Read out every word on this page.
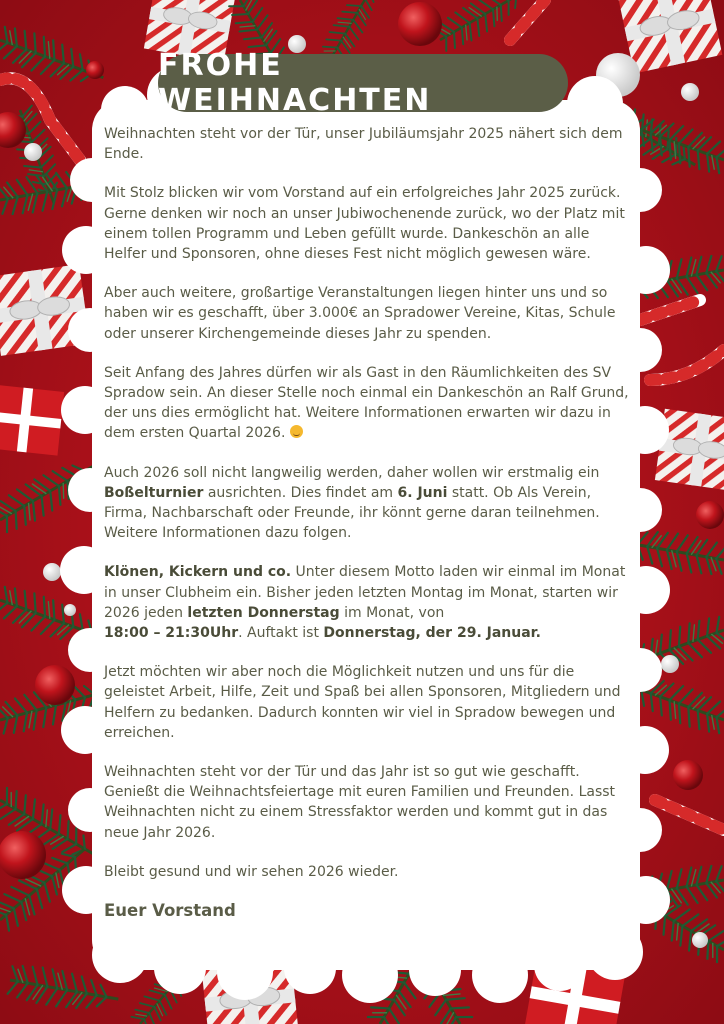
FROHE WEIHNACHTEN

Weihnachten steht vor der Tür, unser Jubiläumsjahr 2025 nähert sich dem Ende.

Mit Stolz blicken wir vom Vorstand auf ein erfolgreiches Jahr 2025 zurück. Gerne denken wir noch an unser Jubiwochenende zurück, wo der Platz mit einem tollen Programm und Leben gefüllt wurde. Dankeschön an alle Helfer und Sponsoren, ohne dieses Fest nicht möglich gewesen wäre.

Aber auch weitere, großartige Veranstaltungen liegen hinter uns und so haben wir es geschafft, über 3.000€ an Spradower Vereine, Kitas, Schule oder unserer Kirchengemeinde dieses Jahr zu spenden.

Seit Anfang des Jahres dürfen wir als Gast in den Räumlichkeiten des SV Spradow sein. An dieser Stelle noch einmal ein Dankeschön an Ralf Grund, der uns dies ermöglicht hat. Weitere Informationen erwarten wir dazu in dem ersten Quartal 2026.

Auch 2026 soll nicht langweilig werden, daher wollen wir erstmalig ein Boßelturnier ausrichten. Dies findet am 6. Juni statt. Ob Als Verein, Firma, Nachbarschaft oder Freunde, ihr könnt gerne daran teilnehmen. Weitere Informationen dazu folgen.

Klönen, Kickern und co. Unter diesem Motto laden wir einmal im Monat in unser Clubheim ein. Bisher jeden letzten Montag im Monat, starten wir 2026 jeden letzten Donnerstag im Monat, von
18:00 – 21:30Uhr. Auftakt ist Donnerstag, der 29. Januar.

Jetzt möchten wir aber noch die Möglichkeit nutzen und uns für die geleistet Arbeit, Hilfe, Zeit und Spaß bei allen Sponsoren, Mitgliedern und Helfern zu bedanken. Dadurch konnten wir viel in Spradow bewegen und erreichen.

Weihnachten steht vor der Tür und das Jahr ist so gut wie geschafft. Genießt die Weihnachtsfeiertage mit euren Familien und Freunden. Lasst Weihnachten nicht zu einem Stressfaktor werden und kommt gut in das neue Jahr 2026.

Bleibt gesund und wir sehen 2026 wieder.

Euer Vorstand
